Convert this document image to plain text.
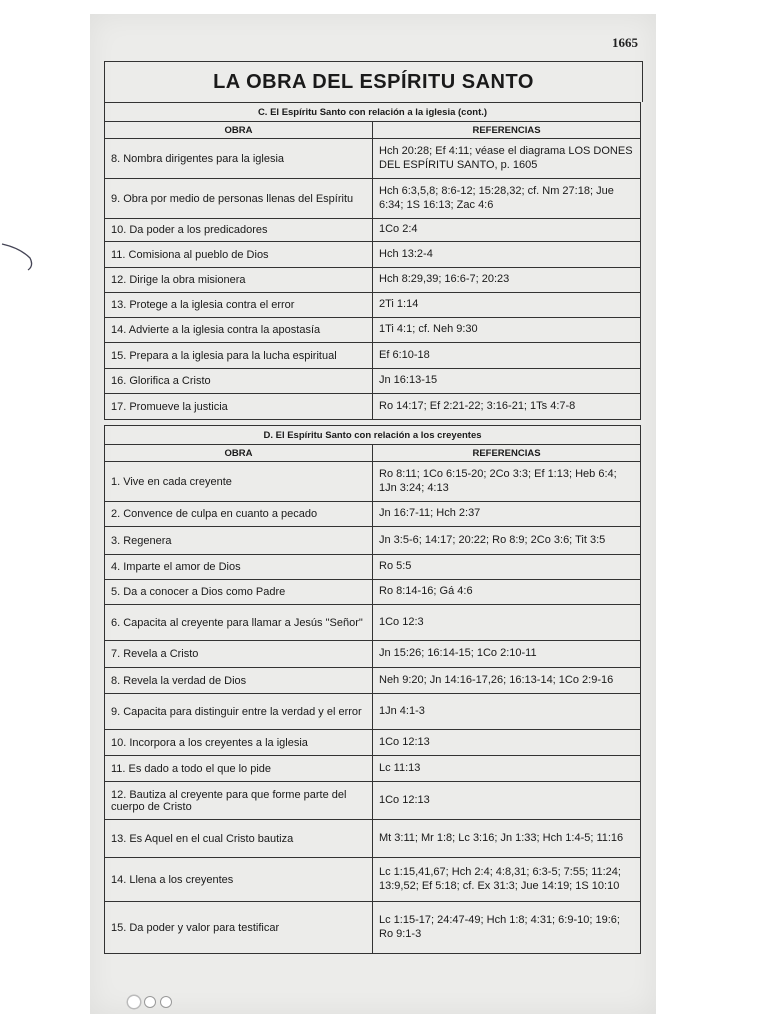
1665
LA OBRA DEL ESPÍRITU SANTO
C. El Espíritu Santo con relación a la iglesia (cont.)	
OBRA	REFERENCIAS
8. Nombra dirigentes para la iglesia	Hch 20:28; Ef 4:11; véase el diagrama LOS DONES DEL ESPÍRITU SANTO, p. 1605
9. Obra por medio de personas llenas del Espíritu	Hch 6:3,5,8; 8:6-12; 15:28,32; cf. Nm 27:18; Jue 6:34; 1S 16:13; Zac 4:6
10. Da poder a los predicadores	1Co 2:4
11. Comisiona al pueblo de Dios	Hch 13:2-4
12. Dirige la obra misionera	Hch 8:29,39; 16:6-7; 20:23
13. Protege a la iglesia contra el error	2Ti 1:14
14. Advierte a la iglesia contra la apostasía	1Ti 4:1; cf. Neh 9:30
15. Prepara a la iglesia para la lucha espiritual	Ef 6:10-18
16. Glorifica a Cristo	Jn 16:13-15
17. Promueve la justicia	Ro 14:17; Ef 2:21-22; 3:16-21; 1Ts 4:7-8
D. El Espíritu Santo con relación a los creyentes	
OBRA	REFERENCIAS
1. Vive en cada creyente	Ro 8:11; 1Co 6:15-20; 2Co 3:3; Ef 1:13; Heb 6:4; 1Jn 3:24; 4:13
2. Convence de culpa en cuanto a pecado	Jn 16:7-11; Hch 2:37
3. Regenera	Jn 3:5-6; 14:17; 20:22; Ro 8:9; 2Co 3:6; Tit 3:5
4. Imparte el amor de Dios	Ro 5:5
5. Da a conocer a Dios como Padre	Ro 8:14-16; Gá 4:6
6. Capacita al creyente para llamar a Jesús "Señor"	1Co 12:3
7. Revela a Cristo	Jn 15:26; 16:14-15; 1Co 2:10-11
8. Revela la verdad de Dios	Neh 9:20; Jn 14:16-17,26; 16:13-14; 1Co 2:9-16
9. Capacita para distinguir entre la verdad y el error	1Jn 4:1-3
10. Incorpora a los creyentes a la iglesia	1Co 12:13
11. Es dado a todo el que lo pide	Lc 11:13
12. Bautiza al creyente para que forme parte del cuerpo de Cristo	1Co 12:13
13. Es Aquel en el cual Cristo bautiza	Mt 3:11; Mr 1:8; Lc 3:16; Jn 1:33; Hch 1:4-5; 11:16
14. Llena a los creyentes	Lc 1:15,41,67; Hch 2:4; 4:8,31; 6:3-5; 7:55; 11:24; 13:9,52; Ef 5:18; cf. Ex 31:3; Jue 14:19; 1S 10:10
15. Da poder y valor para testificar	Lc 1:15-17; 24:47-49; Hch 1:8; 4:31; 6:9-10; 19:6; Ro 9:1-3
